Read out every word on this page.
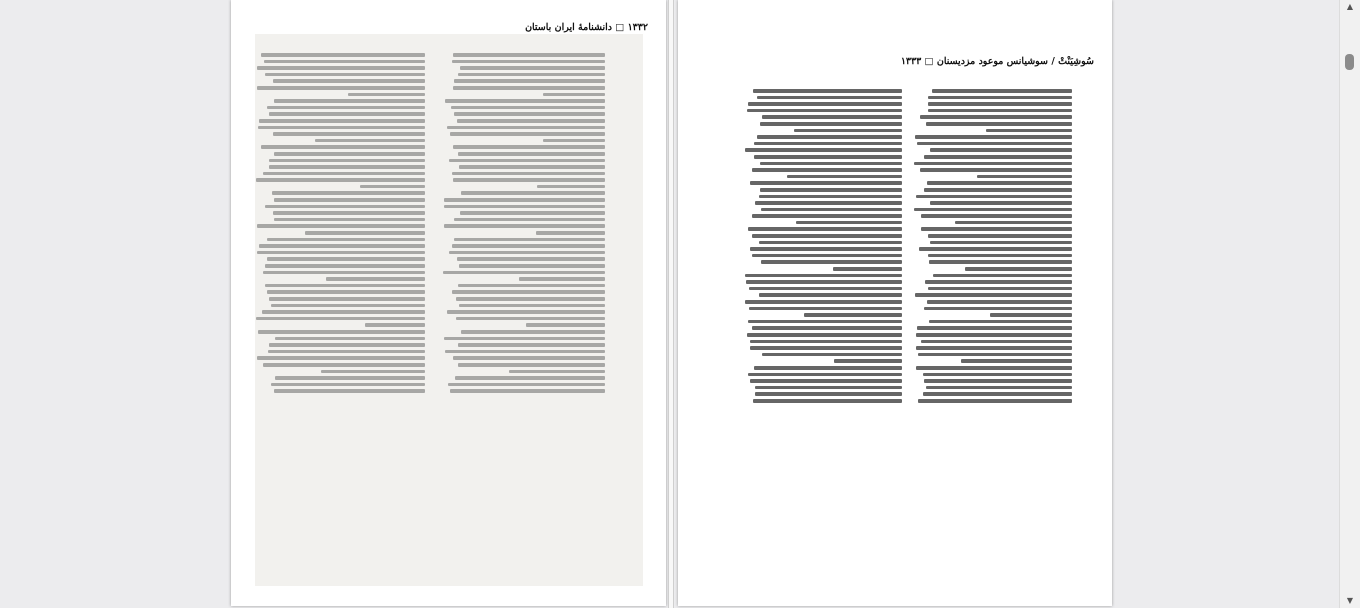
۱۳۳۲ □ دانشنامهٔ ایران باستان
سُوشِیَنْتْ / سوشیانس موعود مزدیسنان □ ۱۳۳۳
▲
▼
